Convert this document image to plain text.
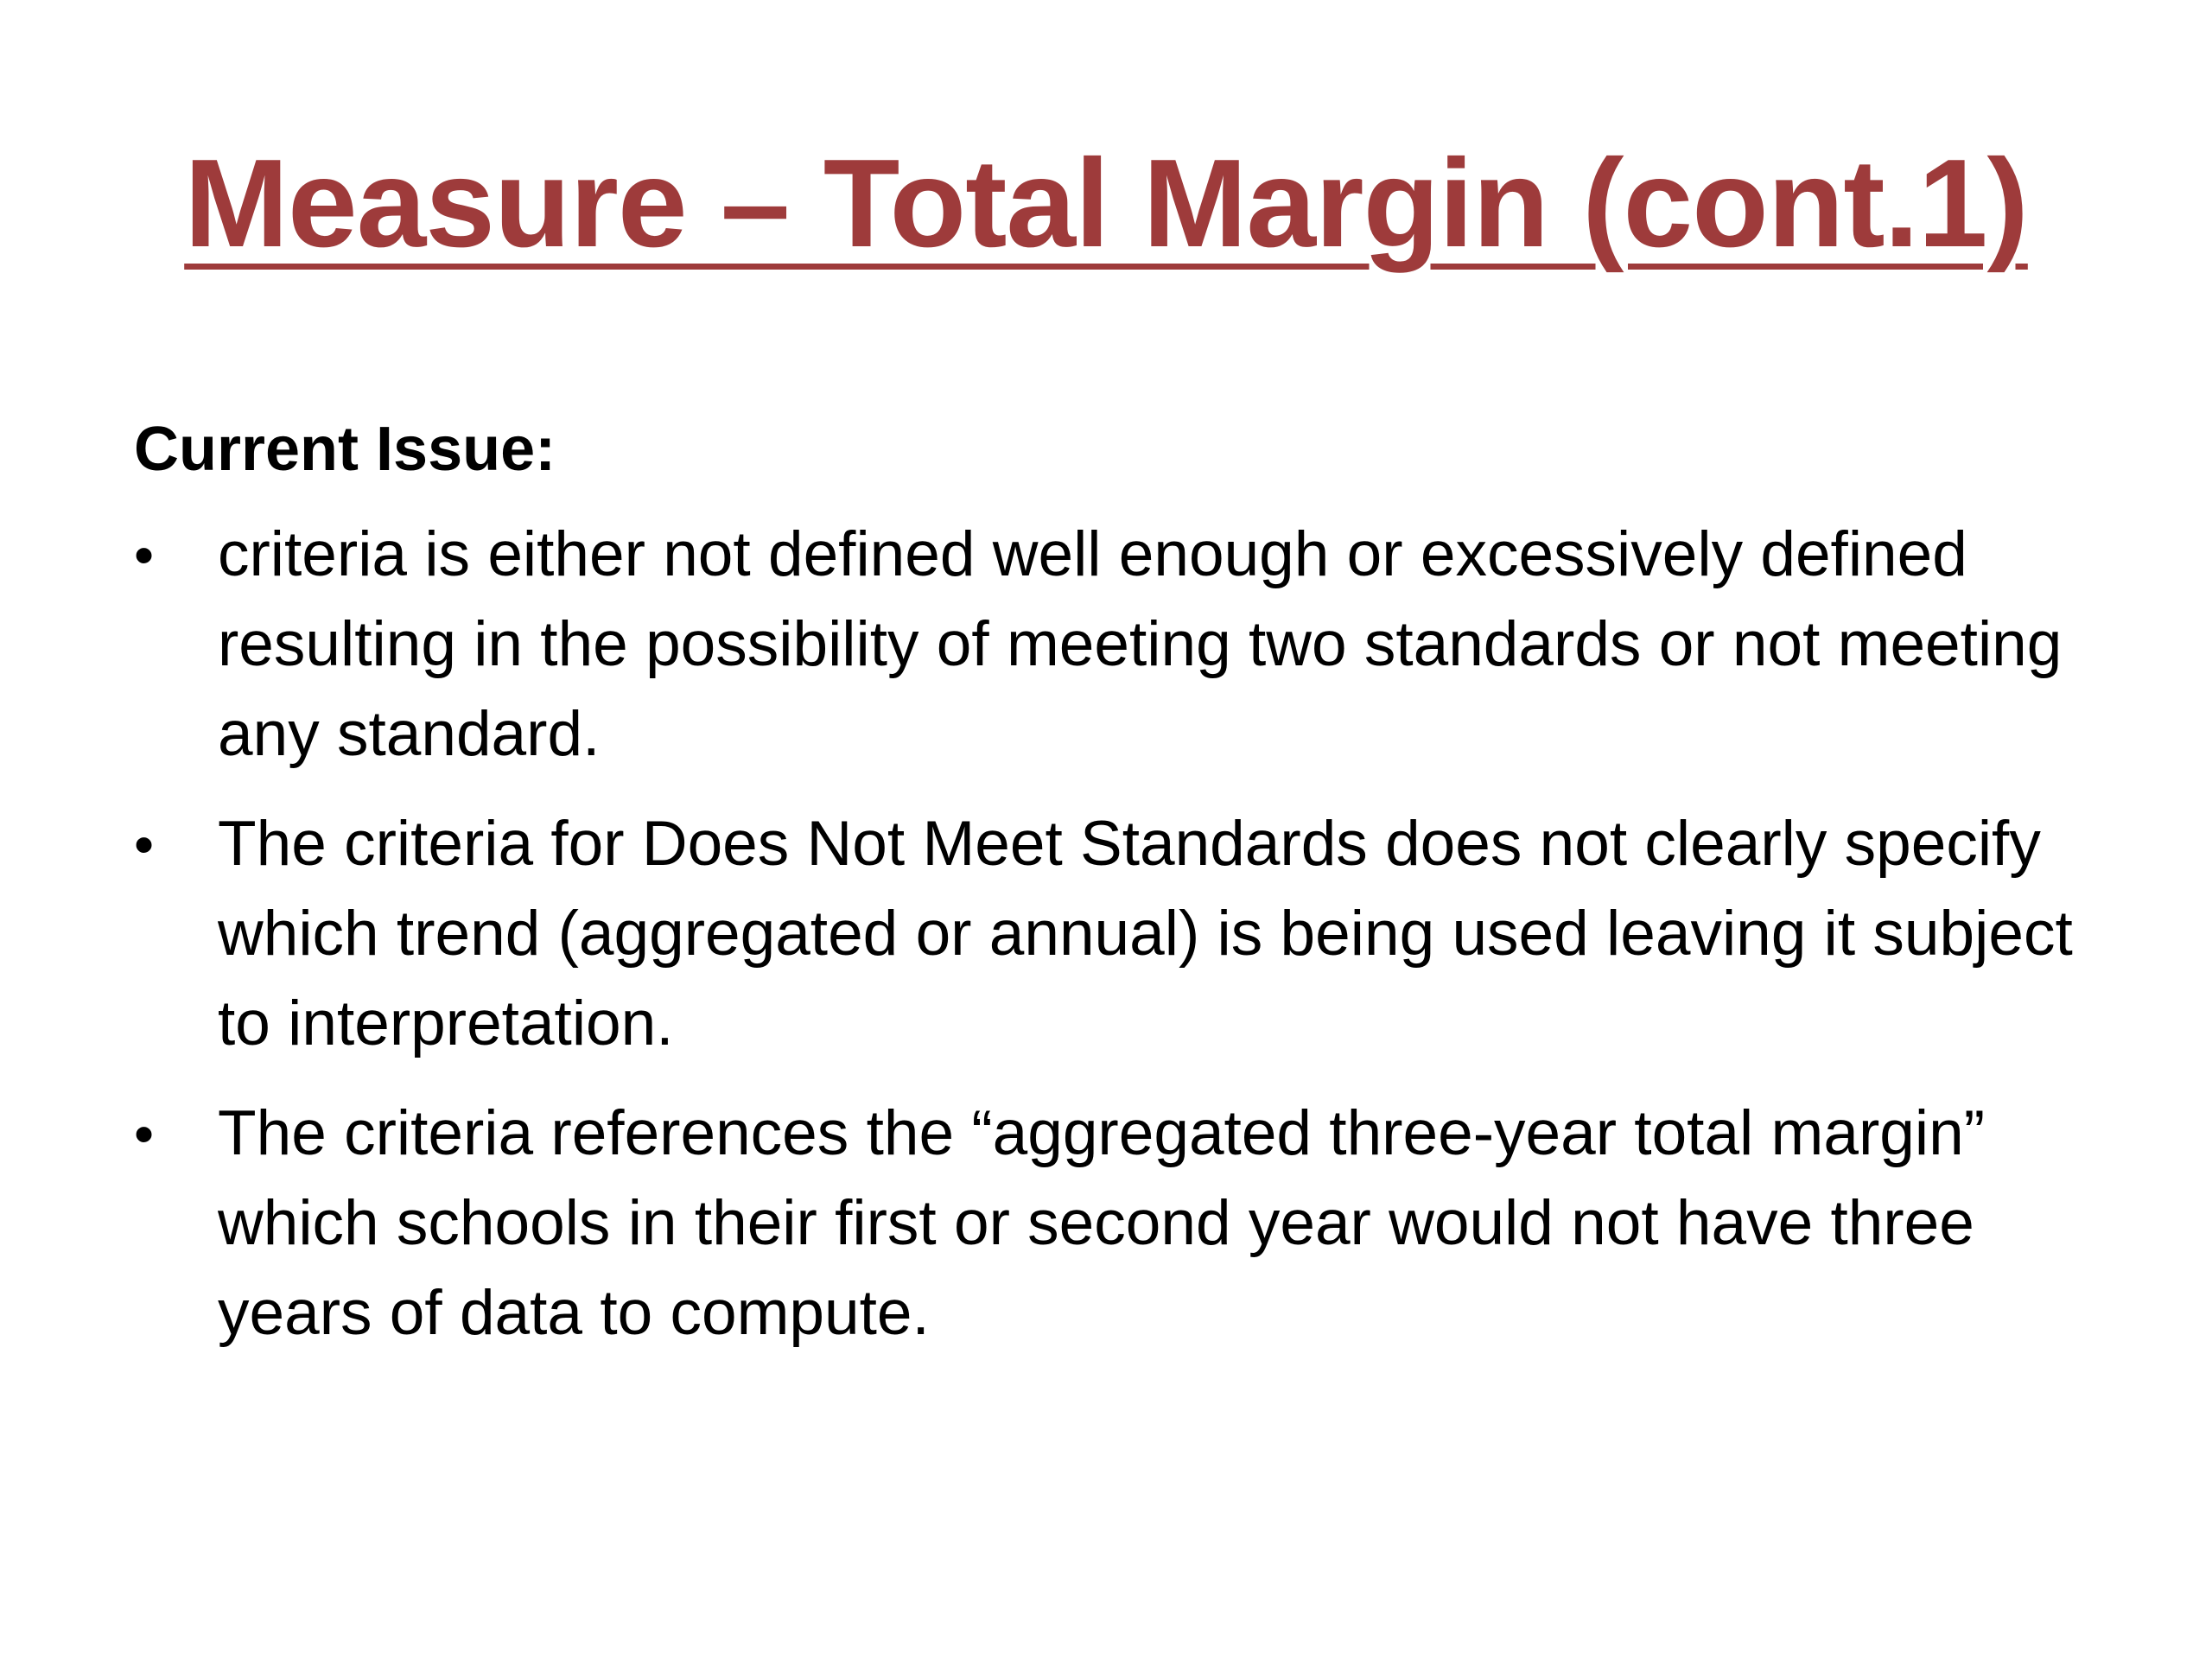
Measure – Total Margin (cont.1)
Current Issue:
• criteria is either not defined well enough or excessively defined resulting in the possibility of meeting two standards or not meeting any standard.
• The criteria for Does Not Meet Standards does not clearly specify which trend (aggregated or annual) is being used leaving it subject to interpretation.
• The criteria references the “aggregated three-year total margin” which schools in their first or second year would not have three years of data to compute.
